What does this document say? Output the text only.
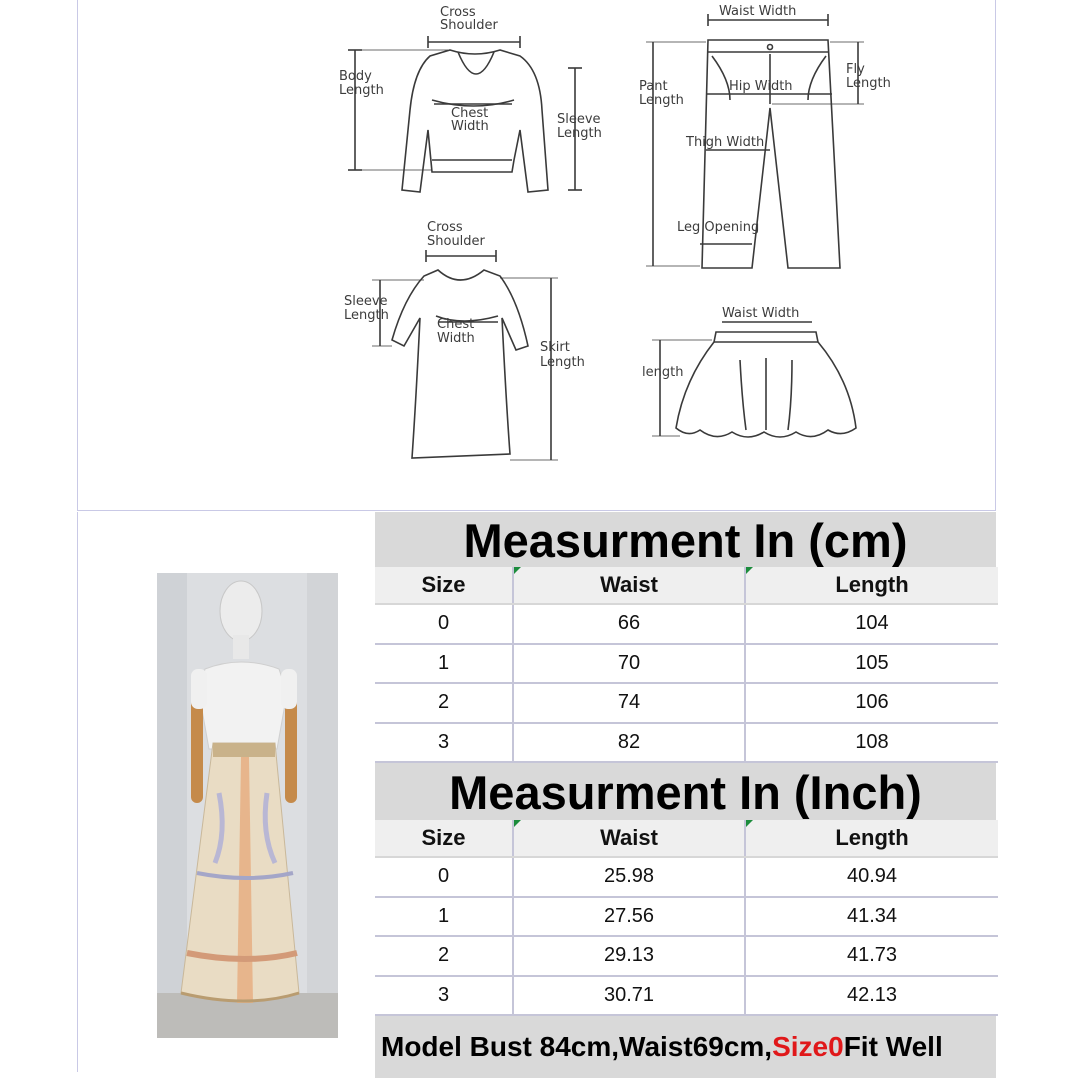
Cross
Shoulder
Body
Length
Chest
Width	Sleeve
Length
Waist Width
Fly
Length
Pant
Length
Hip Width
Thigh Width
Leg Opening
Cross
Shoulder
Sleeve
Length
Chest
Width
Skirt
Length
Waist Width
length
Measurment In (cm)
Size	Waist	Length
0	66	104
1	70	105
2	74	106
3	82	108
Measurment In (Inch)
Size	Waist	Length
0	25.98	40.94
1	27.56	41.34
2	29.13	41.73
3	30.71	42.13
Model Bust 84cm,Waist69cm,Size0Fit Well
